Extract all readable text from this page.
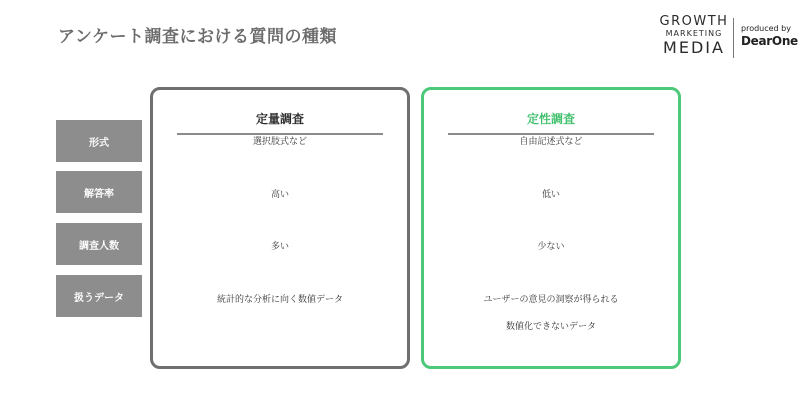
アンケート調査における質問の種類
GROWTH
MARKETING
MEDIA
produced by
DearOne
形式
解答率
調査人数
扱うデータ
定量調査
選択肢式など
高い
多い
統計的な分析に向く数値データ
定性調査
自由記述式など
低い
少ない
ユーザーの意見の洞察が得られる
数値化できないデータ
